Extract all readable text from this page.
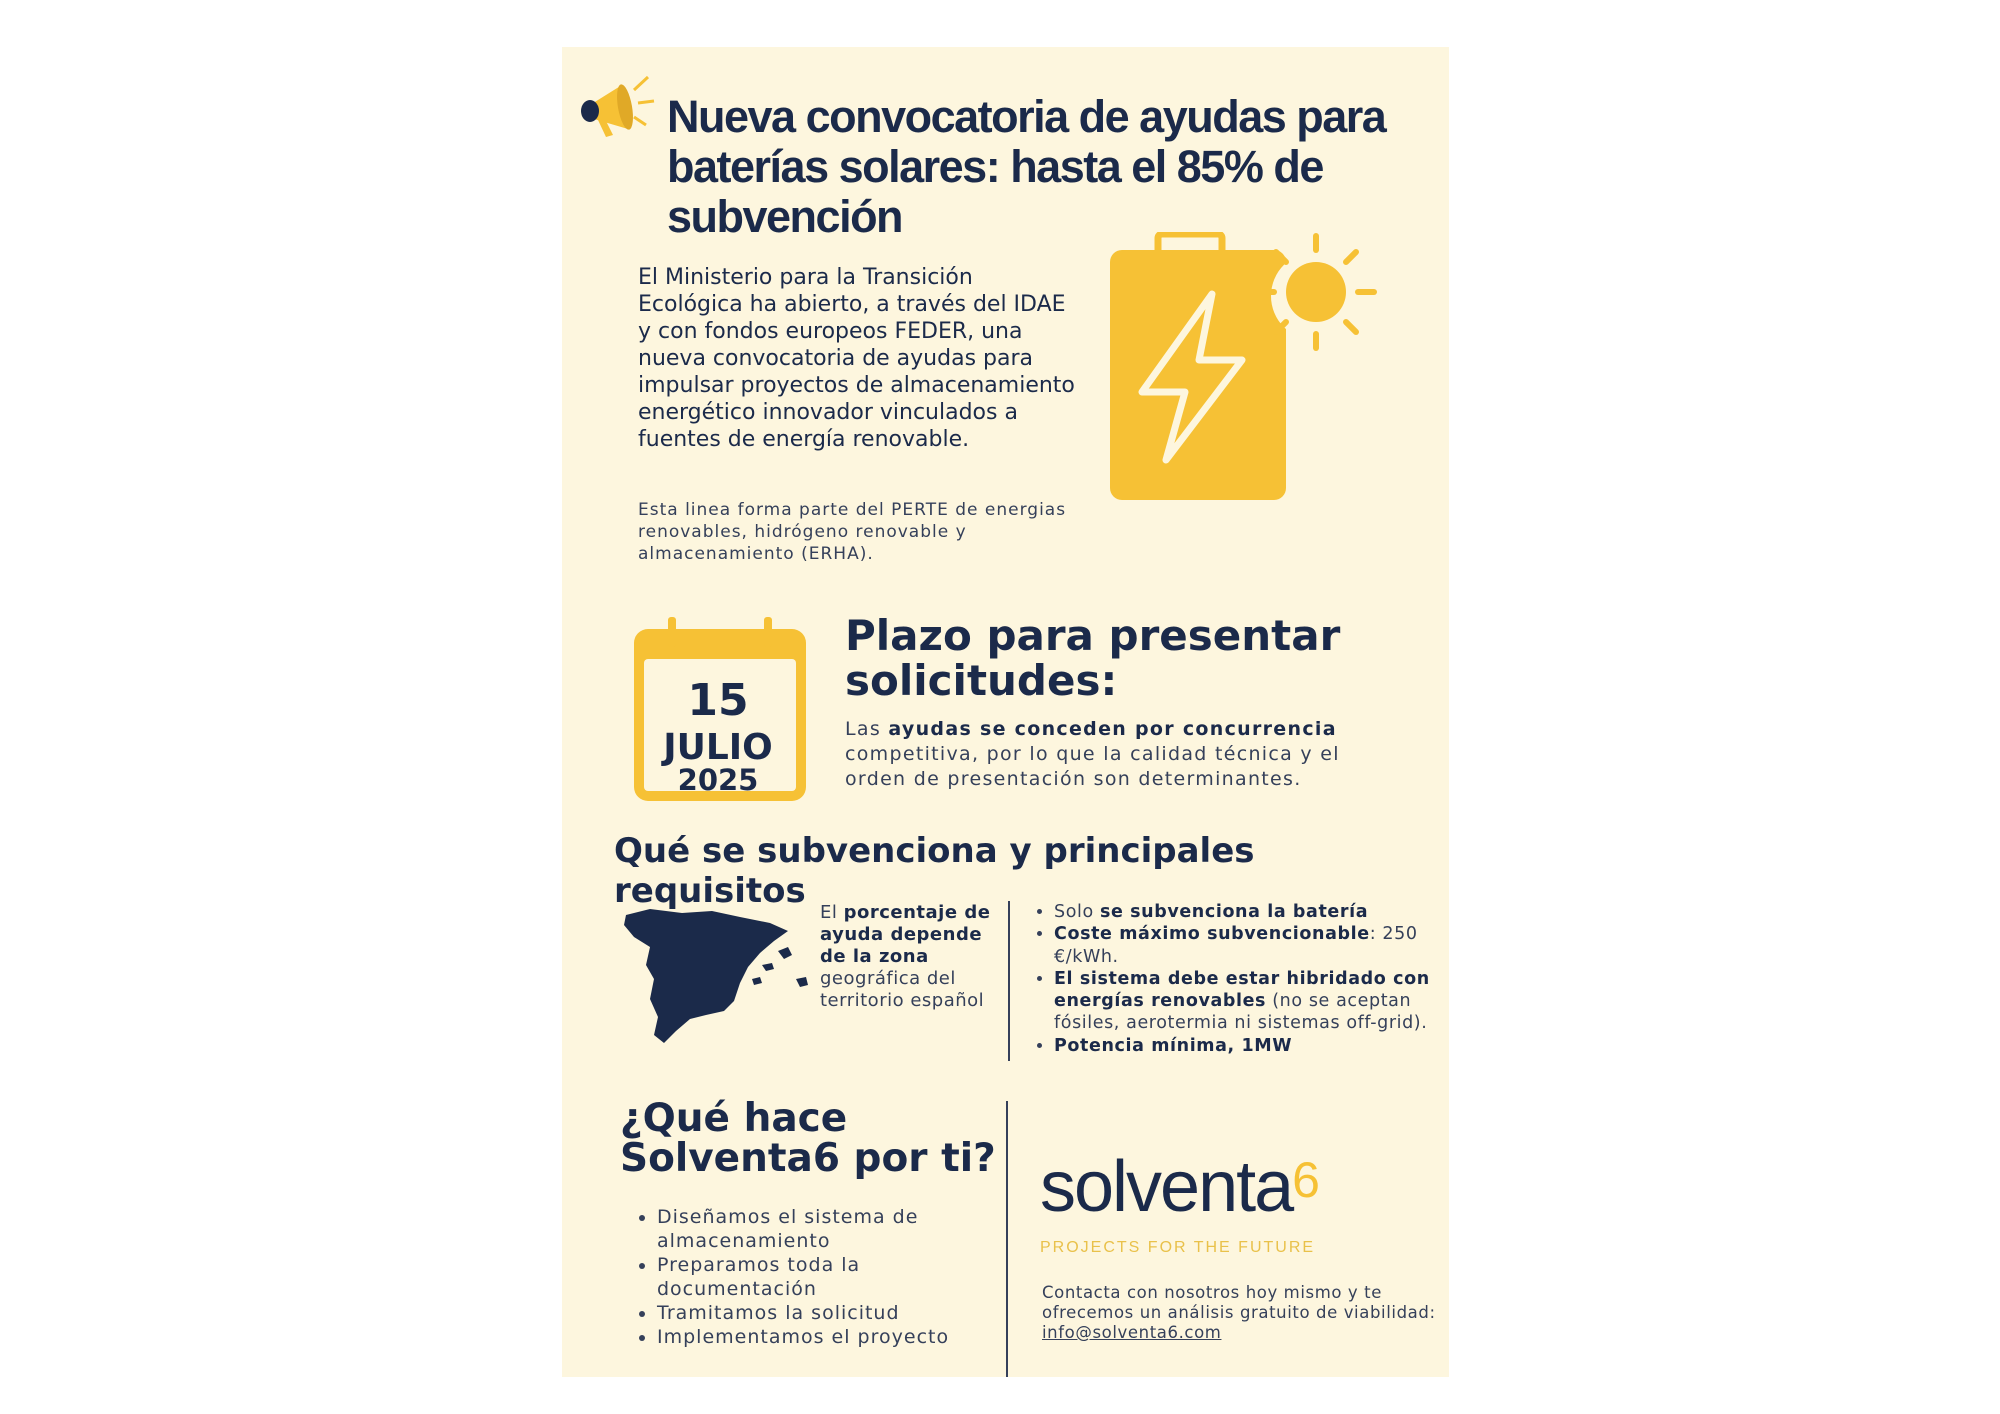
Nueva convocatoria de ayudas para baterías solares: hasta el 85% de subvención

El Ministerio para la Transición Ecológica ha abierto, a través del IDAE y con fondos europeos FEDER, una nueva convocatoria de ayudas para impulsar proyectos de almacenamiento energético innovador vinculados a fuentes de energía renovable.

Esta linea forma parte del PERTE de energias renovables, hidrógeno renovable y almacenamiento (ERHA).

15
JULIO
2025
Plazo para presentar solicitudes:

Las ayudas se conceden por concurrencia competitiva, por lo que la calidad técnica y el orden de presentación son determinantes.

Qué se subvenciona y principales requisitos

El porcentaje de ayuda depende de la zona geográfica del territorio español

• Solo se subvenciona la batería
• Coste máximo subvencionable: 250 €/kWh.
• El sistema debe estar hibridado con energías renovables (no se aceptan fósiles, aerotermia ni sistemas off-grid).
• Potencia mínima, 1MW
¿Qué hace Solventa6 por ti?
• Diseñamos el sistema de almacenamiento
• Preparamos toda la documentación
• Tramitamos la solicitud
• Implementamos el proyecto
solventa6
PROJECTS FOR THE FUTURE

Contacta con nosotros hoy mismo y te ofrecemos un análisis gratuito de viabilidad:

info@solventa6.com
